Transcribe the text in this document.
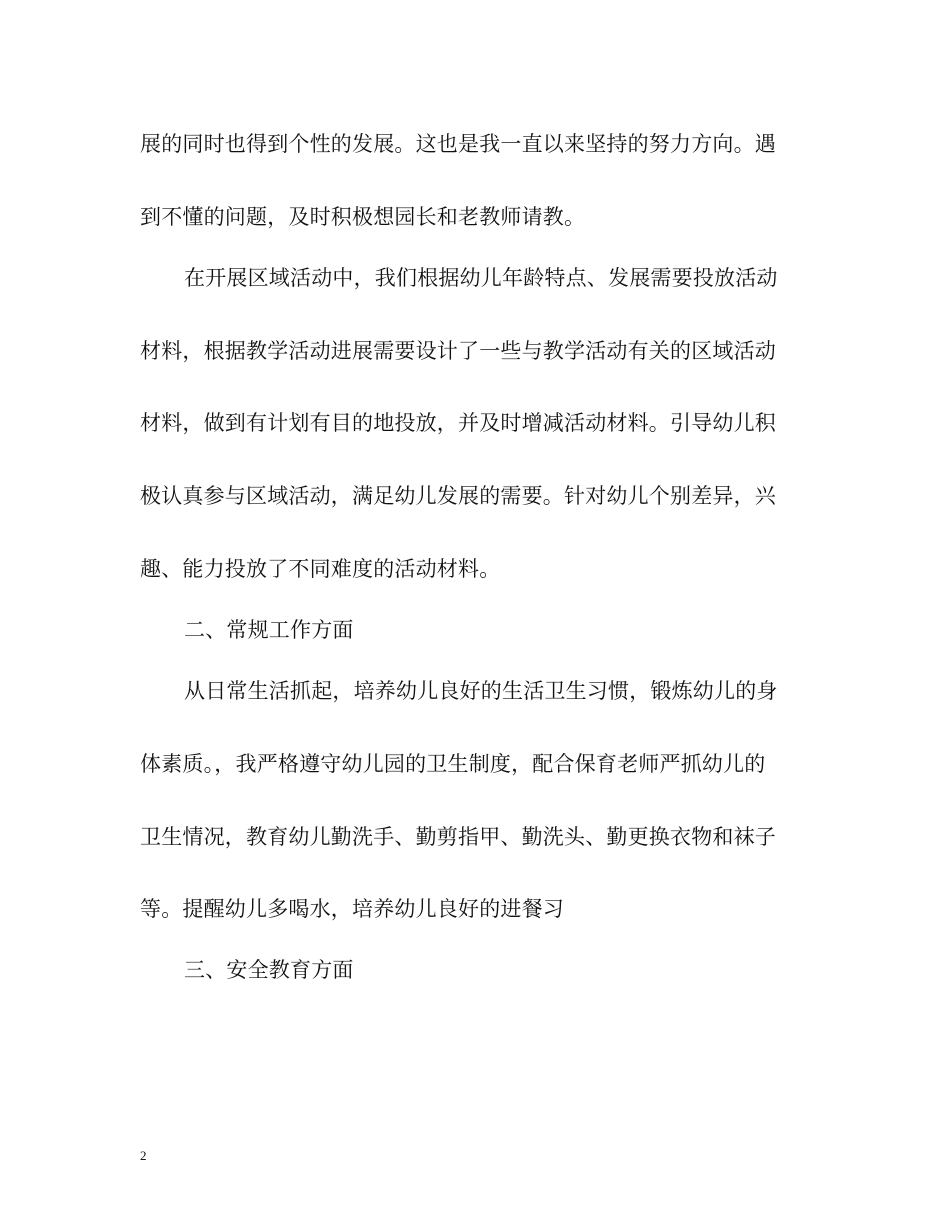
展的同时也得到个性的发展。这也是我一直以来坚持的努力方向。遇
到不懂的问题，及时积极想园长和老教师请教。
在开展区域活动中，我们根据幼儿年龄特点、发展需要投放活动
材料，根据教学活动进展需要设计了一些与教学活动有关的区域活动
材料，做到有计划有目的地投放，并及时增减活动材料。引导幼儿积
极认真参与区域活动，满足幼儿发展的需要。针对幼儿个别差异，兴
趣、能力投放了不同难度的活动材料。
二、常规工作方面
从日常生活抓起，培养幼儿良好的生活卫生习惯，锻炼幼儿的身
体素质。，我严格遵守幼儿园的卫生制度，配合保育老师严抓幼儿的
卫生情况，教育幼儿勤洗手、勤剪指甲、勤洗头、勤更换衣物和袜子
等。提醒幼儿多喝水，培养幼儿良好的进餐习
三、安全教育方面
2
